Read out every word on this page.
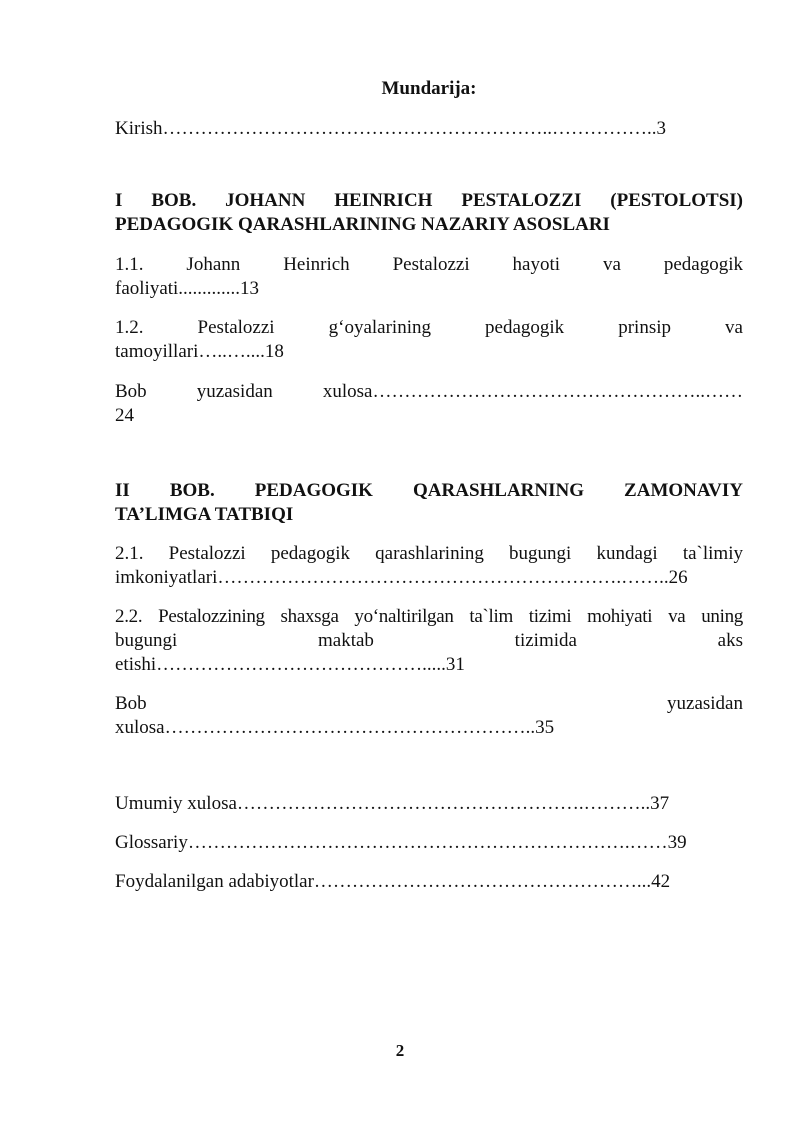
Mundarija:

Kirish……………………………………………………..……………..3

I BOB. JOHANN HEINRICH PESTALOZZI (PESTOLOTSI)

PEDAGOGIK QARASHLARINING NAZARIY ASOSLARI

1.1. Johann Heinrich Pestalozzi hayoti va pedagogik

faoliyati.............13

1.2. Pestalozzi g‘oyalarining pedagogik prinsip va

tamoyillari…..…....18

Bob yuzasidan xulosa……………………………………………..……

24

II BOB. PEDAGOGIK QARASHLARNING ZAMONAVIY

TA’LIMGA TATBIQI

2.1. Pestalozzi pedagogik qarashlarining bugungi kundagi ta`limiy

imkoniyatlari……………………………………………………….……..26

2.2. Pestalozzining shaxsga yo‘naltirilgan ta`lim tizimi mohiyati va uning

bugungi maktab tizimida aks

etishi…………………………………….....31

Bob yuzasidan

xulosa…………………………………………………..35

Umumiy xulosa……………………………………………….………..37

Glossariy…………………………………………………………….……39

Foydalanilgan adabiyotlar……………………………………………...42

2
